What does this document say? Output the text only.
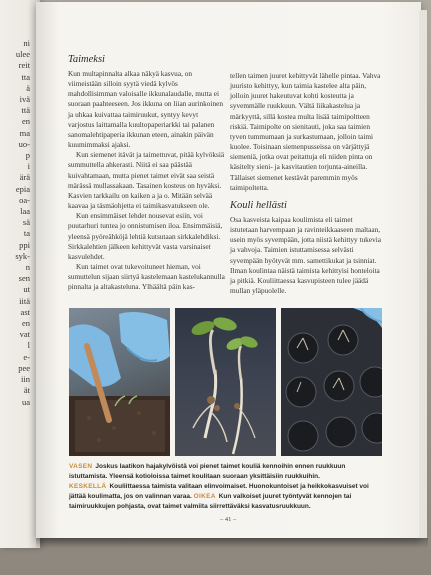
ni
ulee
reit
tta
ä
ivä
ttä
en
ma
uo-
p
i
ärä
epia
oa-
laa
sä
ta
ppi
syk-
n
sen
ut
iitä
ast
en
vat
l
e-
pee
iin
ät
ua
Taimeksi

Kun multapinnalta alkaa näkyä kasvua, on viimeistään silloin syytä viedä kylvös mahdollisimman valoisalle ikkunalaudalle, mutta ei suoraan paahteeseen. Jos ikkuna on liian aurinkoinen ja uhkaa kuivattaa taimiruukut, syntyy kevyt varjostus laittamalla kuultopaperiarkki tai palanen sanomalehtipaperia ikkunan eteen, ainakin päivän kuumimmaksi ajaksi.

Kun siemenet itävät ja taimettuvat, pitää kylvöksiä summuttella ahkerasti. Niitä ei saa päästää kuivahtamaan, mutta pienet taimet eivät saa seistä märässä mullassakaan. Tasainen kosteus on hyväksi. Kasvien tarkkailu on kaiken a ja o. Mitään selvää kaavaa ja täsmäohjetta ei taimikasvatukseen ole.

Kun ensimmäiset lehdet nousevat esiin, voi puutarhuri tuntea jo onnistumisen iloa. Ensimmäisiä, yleensä pyöreähköjä lehtiä kutsutaan sirkkalehdiksi. Sirkkalehtien jälkeen kehittyvät vasta varsinaiset kasvulehdet.

Kun taimet ovat tukevoituneet hieman, voi sumuttelun sijaan siirtyä kastelemaan kastelukannulla pinnalta ja altakasteluna. Ylhäältä päin kas-

tellen taimen juuret kehittyvät lähelle pintaa. Vahva juuristo kehittyy, kun taimia kastelee alta päin, jolloin juuret hakeutuvat kohti kosteutta ja syvemmälle ruukkuun. Vältä liikakastelua ja märkyyttä, sillä kostea multa lisää taimipoltteen riskiä. Taimipolte on sienitauti, joka saa taimien tyven tummumaan ja surkastumaan, jolloin taimi kuolee. Toisinaan siemenpusseissa on värjättyjä siemeniä, jotka ovat peitattuja eli niiden pinta on käsitelty sieni- ja kasvitautien torjunta-aineilla. Tällaiset siemenet kestävät paremmin myös taimipoltetta.

Kouli hellästi

Osa kasveista kaipaa koulimista eli taimet istutetaan harvempaan ja ravinteikkaaseen maltaan, usein myös syvempään, jotta niistä kehittyy tukevia ja vahvoja. Taimien istuttamisessa selvästi syvempään hyötyvät mm. samettikukat ja tsinniat. Ilman koulintaa näistä taimista kehittyisi honteloita ja pitkiä. Kouliittaessa kasvupisteen tulee jäädä mullan yläpuolelle.

VASEN Joskus laatikon hajakylvöistä voi pienet taimet kouliä kennoihin ennen ruukkuun istuttamista. Yleensä kotioloissa taimet koulitaan suoraan yksittäisiin ruukkuihin. KESKELLÄ Kouliittaessa taimista valitaan elinvoimaiset. Huonokuntoiset ja heikkokasvuiset voi jättää koulimatta, jos on valinnan varaa. OIKEA Kun valkoiset juuret työntyvät kennojen tai taimiruukkujen pohjasta, ovat taimet valmiita siirrettäväksi kasvatusruukkuun.
– 41 –
